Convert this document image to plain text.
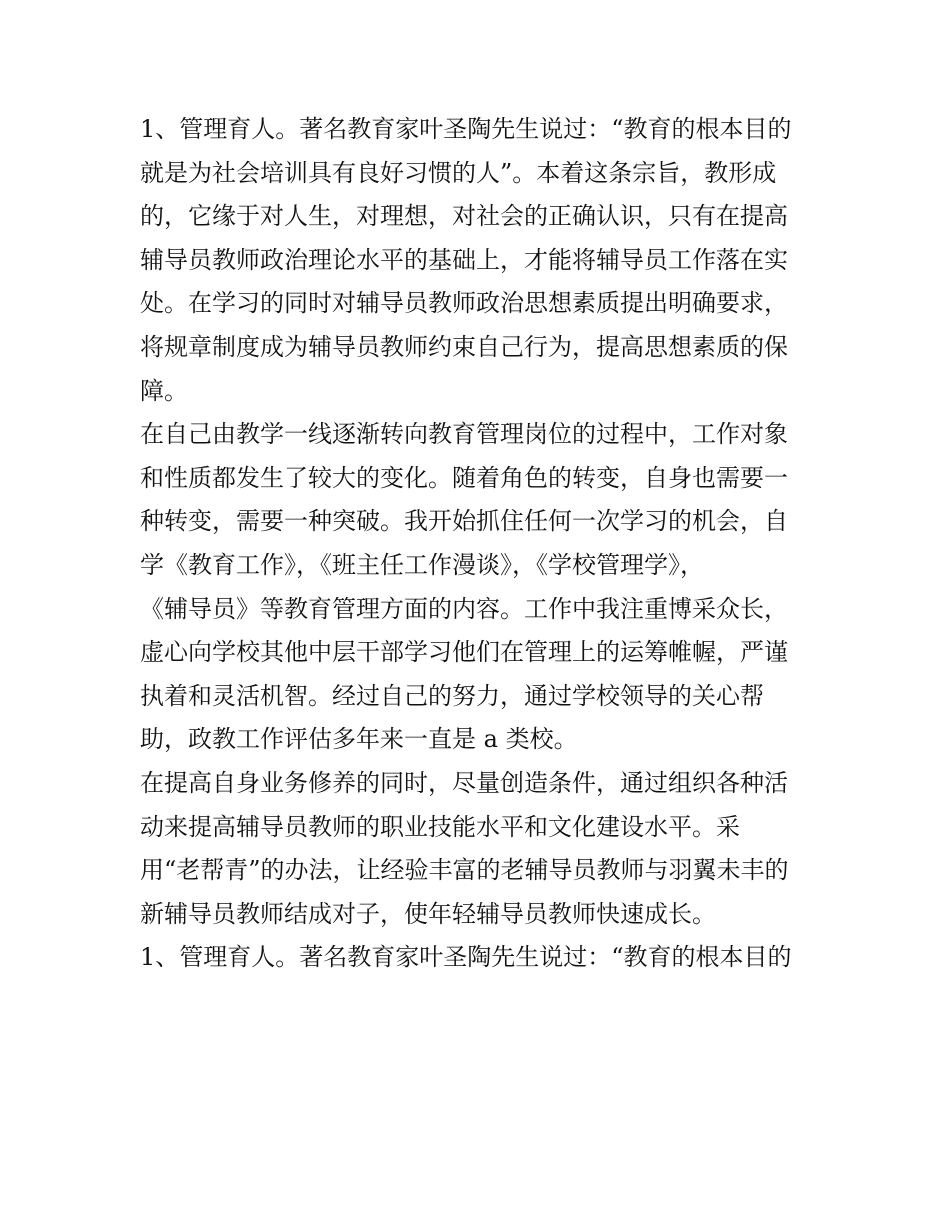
1、管理育人。著名教育家叶圣陶先生说过：“教育的根本目的
就是为社会培训具有良好习惯的人”。本着这条宗旨，教形成
的，它缘于对人生，对理想，对社会的正确认识，只有在提高
辅导员教师政治理论水平的基础上，才能将辅导员工作落在实
处。在学习的同时对辅导员教师政治思想素质提出明确要求，
将规章制度成为辅导员教师约束自己行为，提高思想素质的保
障。
在自己由教学一线逐渐转向教育管理岗位的过程中，工作对象
和性质都发生了较大的变化。随着角色的转变，自身也需要一
种转变，需要一种突破。我开始抓住任何一次学习的机会，自
学《教育工作》，《班主任工作漫谈》，《学校管理学》，
《辅导员》等教育管理方面的内容。工作中我注重博采众长，
虚心向学校其他中层干部学习他们在管理上的运筹帷幄，严谨
执着和灵活机智。经过自己的努力，通过学校领导的关心帮
助，政教工作评估多年来一直是 a 类校。
在提高自身业务修养的同时，尽量创造条件，通过组织各种活
动来提高辅导员教师的职业技能水平和文化建设水平。采
用“老帮青”的办法，让经验丰富的老辅导员教师与羽翼未丰的
新辅导员教师结成对子，使年轻辅导员教师快速成长。
1、管理育人。著名教育家叶圣陶先生说过：“教育的根本目的
